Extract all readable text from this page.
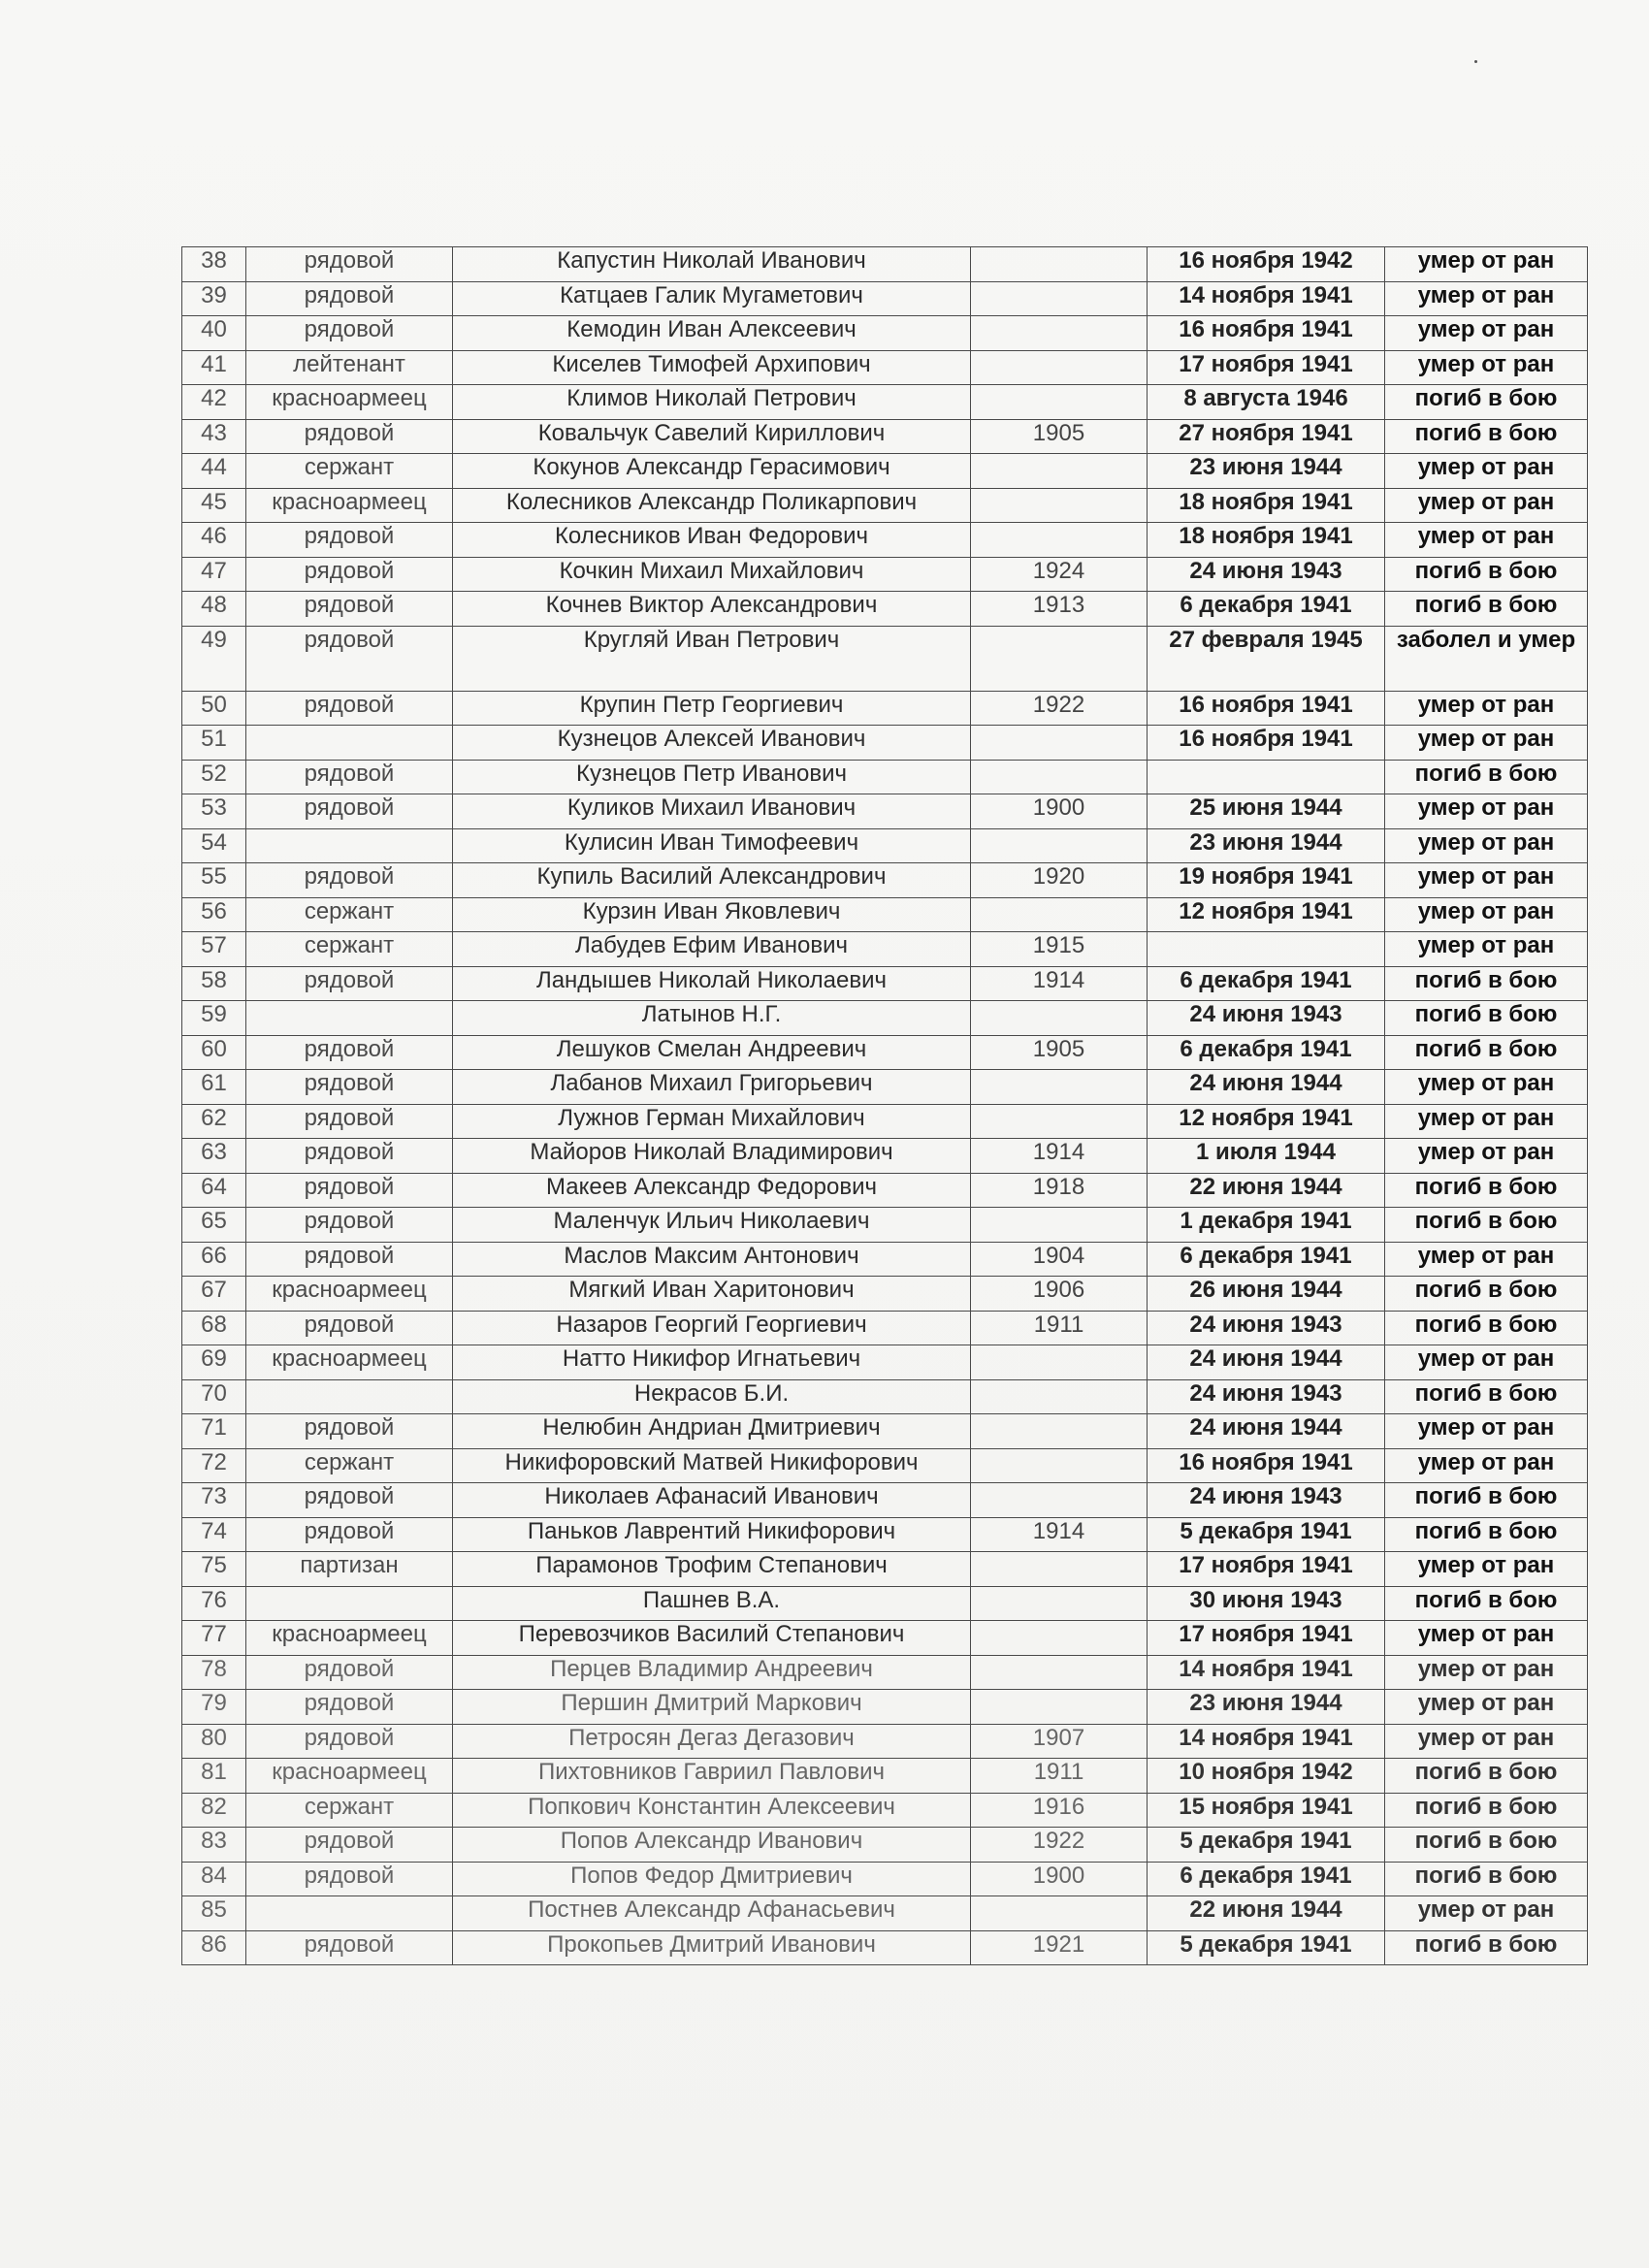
38	рядовой	Капустин Николай Иванович		16 ноября 1942	умер от ран
39	рядовой	Катцаев Галик Мугаметович		14 ноября 1941	умер от ран
40	рядовой	Кемодин Иван Алексеевич		16 ноября 1941	умер от ран
41	лейтенант	Киселев Тимофей Архипович		17 ноября 1941	умер от ран
42	красноармеец	Климов Николай Петрович		8 августа 1946	погиб в бою
43	рядовой	Ковальчук Савелий Кириллович	1905	27 ноября 1941	погиб в бою
44	сержант	Кокунов Александр Герасимович		23 июня 1944	умер от ран
45	красноармеец	Колесников Александр Поликарпович		18 ноября 1941	умер от ран
46	рядовой	Колесников Иван Федорович		18 ноября 1941	умер от ран
47	рядовой	Кочкин Михаил Михайлович	1924	24 июня 1943	погиб в бою
48	рядовой	Кочнев Виктор Александрович	1913	6 декабря 1941	погиб в бою
49	рядовой	Кругляй Иван Петрович		27 февраля 1945	заболел и умер
50	рядовой	Крупин Петр Георгиевич	1922	16 ноября 1941	умер от ран
51		Кузнецов Алексей Иванович		16 ноября 1941	умер от ран
52	рядовой	Кузнецов Петр Иванович			погиб в бою
53	рядовой	Куликов Михаил Иванович	1900	25 июня 1944	умер от ран
54		Кулисин Иван Тимофеевич		23 июня 1944	умер от ран
55	рядовой	Купиль Василий Александрович	1920	19 ноября 1941	умер от ран
56	сержант	Курзин Иван Яковлевич		12 ноября 1941	умер от ран
57	сержант	Лабудев Ефим Иванович	1915		умер от ран
58	рядовой	Ландышев Николай Николаевич	1914	6 декабря 1941	погиб в бою
59		Латынов Н.Г.		24 июня 1943	погиб в бою
60	рядовой	Лешуков Смелан Андреевич	1905	6 декабря 1941	погиб в бою
61	рядовой	Лабанов Михаил Григорьевич		24 июня 1944	умер от ран
62	рядовой	Лужнов Герман Михайлович		12 ноября 1941	умер от ран
63	рядовой	Майоров Николай Владимирович	1914	1 июля 1944	умер от ран
64	рядовой	Макеев Александр Федорович	1918	22 июня 1944	погиб в бою
65	рядовой	Маленчук Ильич Николаевич		1 декабря 1941	погиб в бою
66	рядовой	Маслов Максим Антонович	1904	6 декабря 1941	умер от ран
67	красноармеец	Мягкий Иван Харитонович	1906	26 июня 1944	погиб в бою
68	рядовой	Назаров Георгий Георгиевич	1911	24 июня 1943	погиб в бою
69	красноармеец	Натто Никифор Игнатьевич		24 июня 1944	умер от ран
70		Некрасов Б.И.		24 июня 1943	погиб в бою
71	рядовой	Нелюбин Андриан Дмитриевич		24 июня 1944	умер от ран
72	сержант	Никифоровский Матвей Никифорович		16 ноября 1941	умер от ран
73	рядовой	Николаев Афанасий Иванович		24 июня 1943	погиб в бою
74	рядовой	Паньков Лаврентий Никифорович	1914	5 декабря 1941	погиб в бою
75	партизан	Парамонов Трофим Степанович		17 ноября 1941	умер от ран
76		Пашнев В.А.		30 июня 1943	погиб в бою
77	красноармеец	Перевозчиков Василий Степанович		17 ноября 1941	умер от ран
78	рядовой	Перцев Владимир Андреевич		14 ноября 1941	умер от ран
79	рядовой	Першин Дмитрий Маркович		23 июня 1944	умер от ран
80	рядовой	Петросян Дегаз Дегазович	1907	14 ноября 1941	умер от ран
81	красноармеец	Пихтовников Гавриил Павлович	1911	10 ноября 1942	погиб в бою
82	сержант	Попкович Константин Алексеевич	1916	15 ноября 1941	погиб в бою
83	рядовой	Попов Александр Иванович	1922	5 декабря 1941	погиб в бою
84	рядовой	Попов Федор Дмитриевич	1900	6 декабря 1941	погиб в бою
85		Постнев Александр Афанасьевич		22 июня 1944	умер от ран
86	рядовой	Прокопьев Дмитрий Иванович	1921	5 декабря 1941	погиб в бою
